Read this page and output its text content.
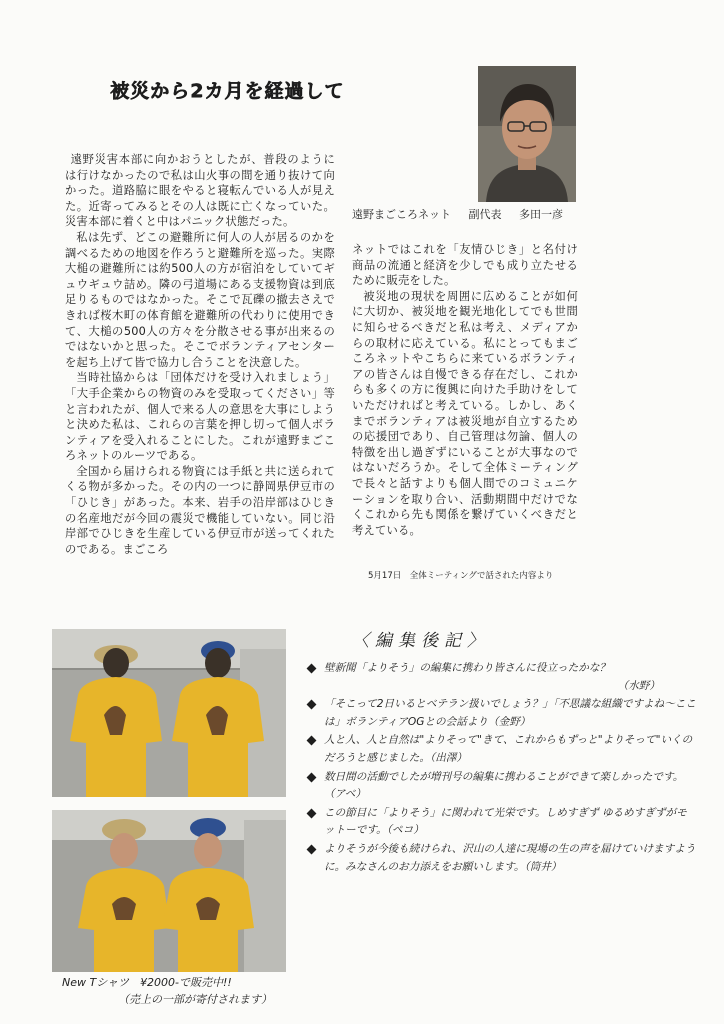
被災から2カ月を経過して
遠野まごころネット 副代表 多田一彦

遠野災害本部に向かおうとしたが、普段のようには行けなかったので私は山火事の間を通り抜けて向かった。道路脇に眼をやると寝転んでいる人が見えた。近寄ってみるとその人は既に亡くなっていた。災害本部に着くと中はパニック状態だった。

私は先ず、どこの避難所に何人の人が居るのかを調べるための地図を作ろうと避難所を巡った。実際大槌の避難所には約500人の方が宿泊をしていてギュウギュウ詰め。隣の弓道場にある支援物資は到底足りるものではなかった。そこで瓦礫の撤去さえできれば桜木町の体育館を避難所の代わりに使用できて、大槌の500人の方々を分散させる事が出来るのではないかと思った。そこでボランティアセンターを起ち上げて皆で協力し合うことを決意した。

当時社協からは「団体だけを受け入れましょう」「大手企業からの物資のみを受取ってください」等と言われたが、個人で来る人の意思を大事にしようと決めた私は、これらの言葉を押し切って個人ボランティアを受入れることにした。これが遠野まごころネットのルーツである。

全国から届けられる物資には手紙と共に送られてくる物が多かった。その内の一つに静岡県伊豆市の「ひじき」があった。本来、岩手の沿岸部はひじきの名産地だが今回の震災で機能していない。同じ沿岸部でひじきを生産している伊豆市が送ってくれたのである。まごころ

ネットではこれを「友情ひじき」と名付け商品の流通と経済を少しでも成り立たせるために販売をした。

被災地の現状を周囲に広めることが如何に大切か、被災地を観光地化してでも世間に知らせるべきだと私は考え、メディアからの取材に応えている。私にとってもまごころネットやこちらに来ているボランティアの皆さんは自慢できる存在だし、これからも多くの方に復興に向けた手助けをしていただければと考えている。しかし、あくまでボランティアは被災地が自立するための応援団であり、自己管理は勿論、個人の特徴を出し過ぎずにいることが大事なのではないだろうか。そして全体ミーティングで長々と話すよりも個人間でのコミュニケーションを取り合い、活動期間中だけでなくこれから先も関係を繋げていくべきだと考えている。

5月17日　全体ミーティングで話された内容より
New Tシャツ　¥2000-で販売中!!
（売上の一部が寄付されます）
〈編集後記〉
壁新聞「よりそう」の編集に携わり皆さんに役立ったかな？
（水野）
「そこって2日いるとベテラン扱いでしょう？」「不思議な組織ですよね～ここは」ボランティアOGとの会話より（金野）
人と人、人と自然は"よりそって"きて、これからもずっと"よりそって"いくのだろうと感じました。（出澤）
数日間の活動でしたが増刊号の編集に携わることができて楽しかったです。（アベ）
この節目に「よりそう」に関われて光栄です。しめすぎず ゆるめすぎずがモットーです。（ペコ）
よりそうが今後も続けられ、沢山の人達に現場の生の声を届けていけますように。みなさんのお力添えをお願いします。（筒井）
